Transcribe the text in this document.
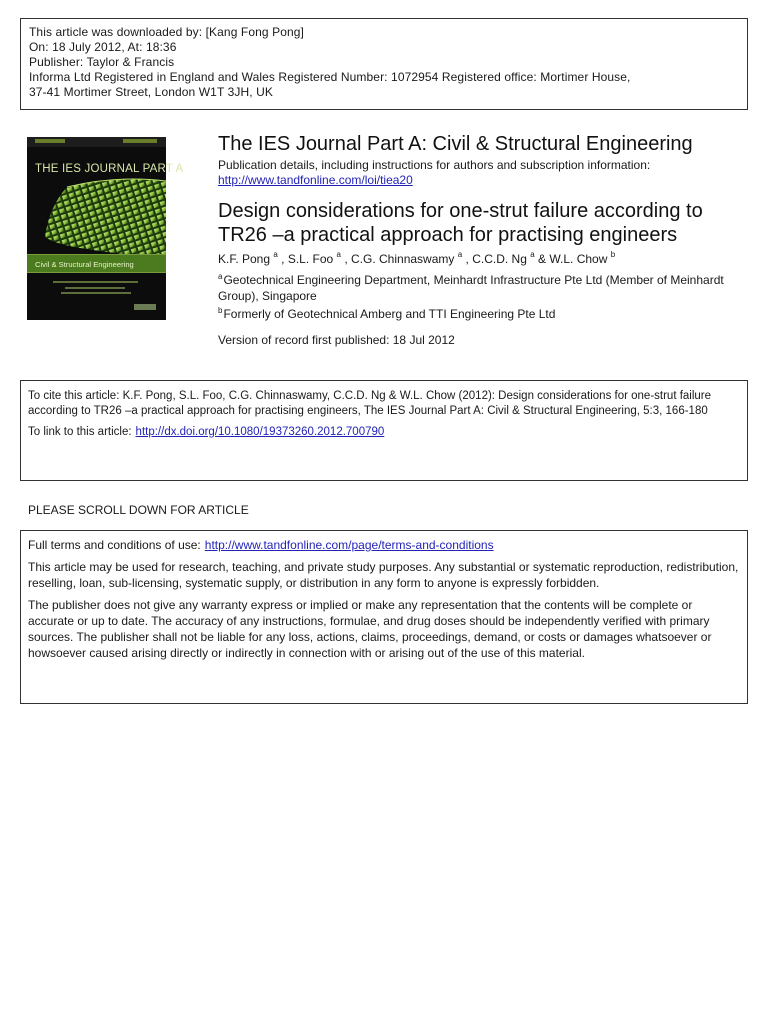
This article was downloaded by: [Kang Fong Pong]
On: 18 July 2012, At: 18:36
Publisher: Taylor & Francis
Informa Ltd Registered in England and Wales Registered Number: 1072954 Registered office: Mortimer House,
37-41 Mortimer Street, London W1T 3JH, UK
THE IES JOURNAL PART A
Civil & Structural Engineering
The IES Journal Part A: Civil & Structural Engineering
Publication details, including instructions for authors and subscription information:
http://www.tandfonline.com/loi/tiea20
Design considerations for one-strut failure according to TR26 –a practical approach for practising engineers
K.F. Pong $^a$ , S.L. Foo $^a$ , C.G. Chinnaswamy $^a$ , C.C.D. Ng $^a$ & W.L. Chow $^b$
$^a$Geotechnical Engineering Department, Meinhardt Infrastructure Pte Ltd (Member of Meinhardt Group), Singapore
$^b$Formerly of Geotechnical Amberg and TTI Engineering Pte Ltd
Version of record first published: 18 Jul 2012
To cite this article: K.F. Pong, S.L. Foo, C.G. Chinnaswamy, C.C.D. Ng & W.L. Chow (2012): Design considerations for one-strut failure according to TR26 –a practical approach for practising engineers, The IES Journal Part A: Civil & Structural Engineering, 5:3, 166-180
To link to this article: http://dx.doi.org/10.1080/19373260.2012.700790
PLEASE SCROLL DOWN FOR ARTICLE

Full terms and conditions of use: http://www.tandfonline.com/page/terms-and-conditions

This article may be used for research, teaching, and private study purposes. Any substantial or systematic reproduction, redistribution, reselling, loan, sub-licensing, systematic supply, or distribution in any form to anyone is expressly forbidden.

The publisher does not give any warranty express or implied or make any representation that the contents will be complete or accurate or up to date. The accuracy of any instructions, formulae, and drug doses should be independently verified with primary sources. The publisher shall not be liable for any loss, actions, claims, proceedings, demand, or costs or damages whatsoever or howsoever caused arising directly or indirectly in connection with or arising out of the use of this material.
